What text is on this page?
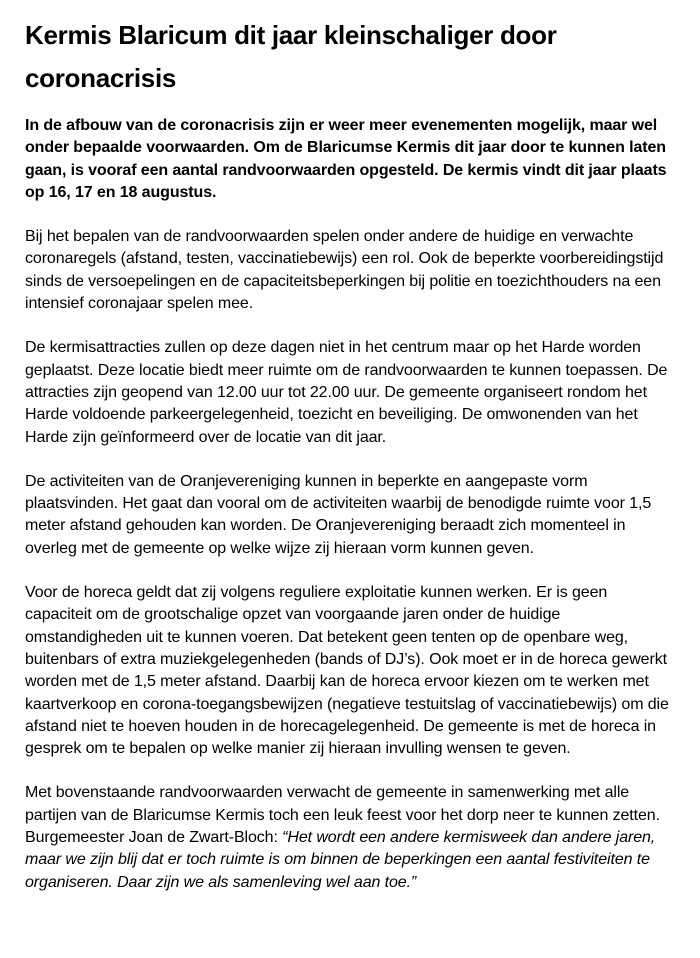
Kermis Blaricum dit jaar kleinschaliger door coronacrisis

In de afbouw van de coronacrisis zijn er weer meer evenementen mogelijk, maar wel onder bepaalde voorwaarden. Om de Blaricumse Kermis dit jaar door te kunnen laten gaan, is vooraf een aantal randvoorwaarden opgesteld. De kermis vindt dit jaar plaats op 16, 17 en 18 augustus.

Bij het bepalen van de randvoorwaarden spelen onder andere de huidige en verwachte coronaregels (afstand, testen, vaccinatiebewijs) een rol. Ook de beperkte voorbereidingstijd sinds de versoepelingen en de capaciteitsbeperkingen bij politie en toezichthouders na een intensief coronajaar spelen mee.

De kermisattracties zullen op deze dagen niet in het centrum maar op het Harde worden geplaatst. Deze locatie biedt meer ruimte om de randvoorwaarden te kunnen toepassen. De attracties zijn geopend van 12.00 uur tot 22.00 uur. De gemeente organiseert rondom het Harde voldoende parkeergelegenheid, toezicht en beveiliging. De omwonenden van het Harde zijn geïnformeerd over de locatie van dit jaar.

De activiteiten van de Oranjevereniging kunnen in beperkte en aangepaste vorm plaatsvinden. Het gaat dan vooral om de activiteiten waarbij de benodigde ruimte voor 1,5 meter afstand gehouden kan worden. De Oranjevereniging beraadt zich momenteel in overleg met de gemeente op welke wijze zij hieraan vorm kunnen geven.

Voor de horeca geldt dat zij volgens reguliere exploitatie kunnen werken. Er is geen capaciteit om de grootschalige opzet van voorgaande jaren onder de huidige omstandigheden uit te kunnen voeren. Dat betekent geen tenten op de openbare weg, buitenbars of extra muziekgelegenheden (bands of DJ’s). Ook moet er in de horeca gewerkt worden met de 1,5 meter afstand. Daarbij kan de horeca ervoor kiezen om te werken met kaartverkoop en corona-toegangsbewijzen (negatieve testuitslag of vaccinatiebewijs) om die afstand niet te hoeven houden in de horecagelegenheid. De gemeente is met de horeca in gesprek om te bepalen op welke manier zij hieraan invulling wensen te geven.

Met bovenstaande randvoorwaarden verwacht de gemeente in samenwerking met alle partijen van de Blaricumse Kermis toch een leuk feest voor het dorp neer te kunnen zetten.

Burgemeester Joan de Zwart-Bloch: “Het wordt een andere kermisweek dan andere jaren, maar we zijn blij dat er toch ruimte is om binnen de beperkingen een aantal festiviteiten te organiseren. Daar zijn we als samenleving wel aan toe.”
